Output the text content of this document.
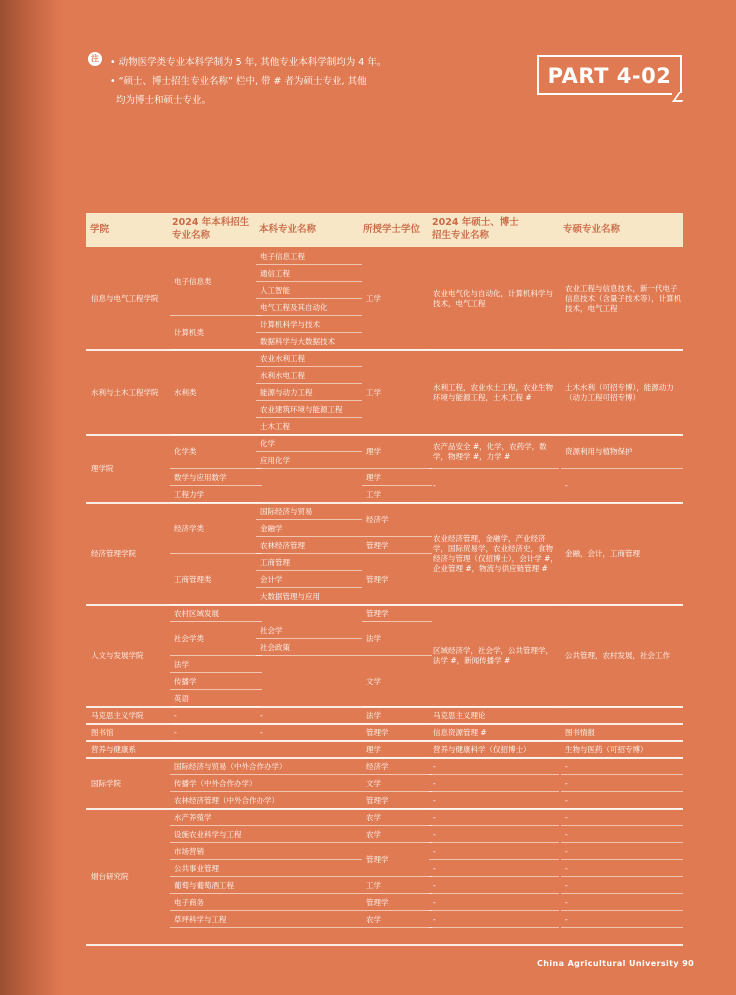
注	• 动物医学类专业本科学制为 5 年, 其他专业本科学制均为 4 年。
• “硕士、博士招生专业名称” 栏中, 带 # 者为硕士专业, 其他
均为博士和硕士专业。
PART 4-02
学院
2024 年本科招生
专业名称
本科专业名称	所授学士学位
2024 年硕士、博士
招生专业名称
专硕专业名称
信息与电气工程学院
水利与土木工程学院
理学院
经济管理学院
人文与发展学院
马克思主义学院
图书馆
营养与健康系
国际学院
烟台研究院
电子信息类
计算机类
水利类
化学类
数学与应用数学
工程力学
经济学类
工商管理类
农村区域发展
社会学类
法学
传播学
英语
-
-
国际经济与贸易（中外合作办学）
传播学（中外合作办学）
农林经济管理（中外合作办学）
水产养殖学
设施农业科学与工程
市场营销
公共事业管理
葡萄与葡萄酒工程
电子商务
草坪科学与工程
电子信息工程
通信工程
人工智能
电气工程及其自动化
计算机科学与技术
数据科学与大数据技术
农业水利工程
水利水电工程
能源与动力工程
农业建筑环境与能源工程
土木工程
化学
应用化学
国际经济与贸易
金融学
农林经济管理
工商管理
会计学
大数据管理与应用
社会学
社会政策
-
-
工学
工学
理学
理学
工学
经济学
管理学
管理学
管理学
法学
文学
法学
管理学
理学
经济学
文学
管理学
农学
农学
管理学
工学
管理学
农学
农业电气化与自动化，计算机科学与技术，电气工程
水利工程，农业水土工程，农业生物环境与能源工程，土木工程 #
农产品安全 #，化学，农药学，数学，物理学 #，力学 #
-
农业经济管理，金融学，产业经济学，国际贸易学，农业经济史，食物经济与管理（仅招博士），会计学 #，企业管理 #，物流与供应链管理 #
区域经济学，社会学，公共管理学，法学 #，新闻传播学 #
马克思主义理论
信息资源管理 #
营养与健康科学（仅招博士）
-
-
-
-
-
-
-
-
-
-
农业工程与信息技术，新一代电子信息技术（含量子技术等），计算机技术，电气工程
土木水利（可招专博），能源动力（动力工程可招专博）
资源利用与植物保护
-
金融，会计，工商管理
公共管理，农村发展，社会工作
图书情报
生物与医药（可招专博）
-
-
-
-
-
-
-
-
-
-
China Agricultural University 90
